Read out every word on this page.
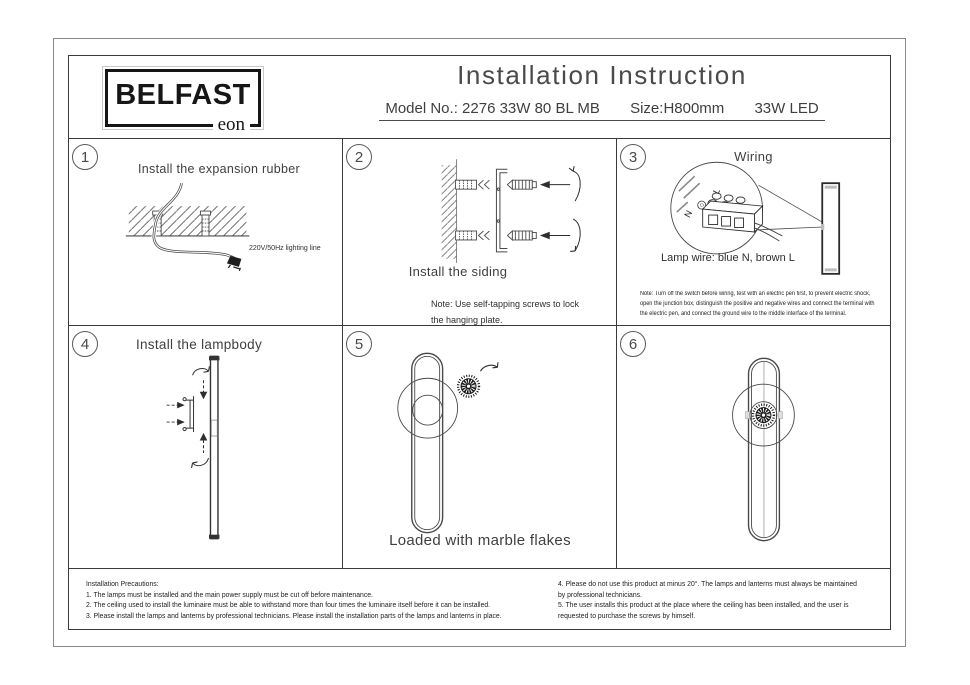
BELFAST
eon
Installation Instruction
Model No.: 2276 33W 80 BL MB Size:H800mm 33W LED
1
Install the expansion rubber
220V/50Hz lighting line
2
Install the siding
Note: Use self-tapping screws to lock the hanging plate.
3	Wiring
N
L
Lamp wire: blue N, brown L
Note: Turn off the switch before wiring, test with an electric pen first, to prevent electric shock, open the junction box, distinguish the positive and negative wires and connect the terminal with the electric pen, and connect the ground wire to the middle interface of the terminal.
4	Install the lampbody	5
Loaded with marble flakes
6
Installation Precautions:
1. The lamps must be installed and the main power supply must be cut off before maintenance.
2. The ceiling used to install the luminaire must be able to withstand more than four times the luminaire itself before it can be installed.
3. Please install the lamps and lanterns by professional technicians. Please install the installation parts of the lamps and lanterns in place.
4. Please do not use this product at minus 20°. The lamps and lanterns must always be maintained by professional technicians.
5. The user installs this product at the place where the ceiling has been installed, and the user is requested to purchase the screws by himself.
